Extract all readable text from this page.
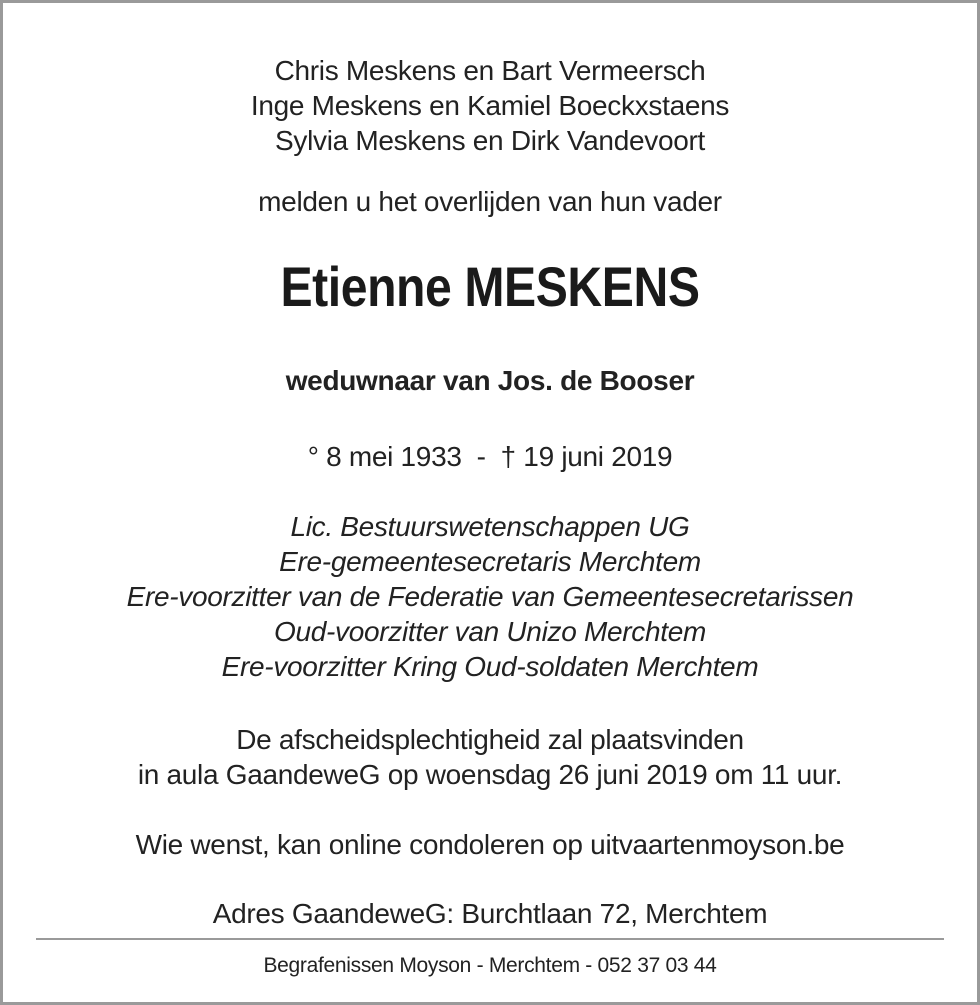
Chris Meskens en Bart Vermeersch
Inge Meskens en Kamiel Boeckxstaens
Sylvia Meskens en Dirk Vandevoort
melden u het overlijden van hun vader
Etienne MESKENS
weduwnaar van Jos. de Booser
° 8 mei 1933  -  † 19 juni 2019
Lic. Bestuurswetenschappen UG
Ere-gemeentesecretaris Merchtem
Ere-voorzitter van de Federatie van Gemeentesecretarissen
Oud-voorzitter van Unizo Merchtem
Ere-voorzitter Kring Oud-soldaten Merchtem
De afscheidsplechtigheid zal plaatsvinden
in aula GaandeweG op woensdag 26 juni 2019 om 11 uur.
Wie wenst, kan online condoleren op uitvaartenmoyson.be
Adres GaandeweG: Burchtlaan 72, Merchtem
Begrafenissen Moyson - Merchtem - 052 37 03 44
